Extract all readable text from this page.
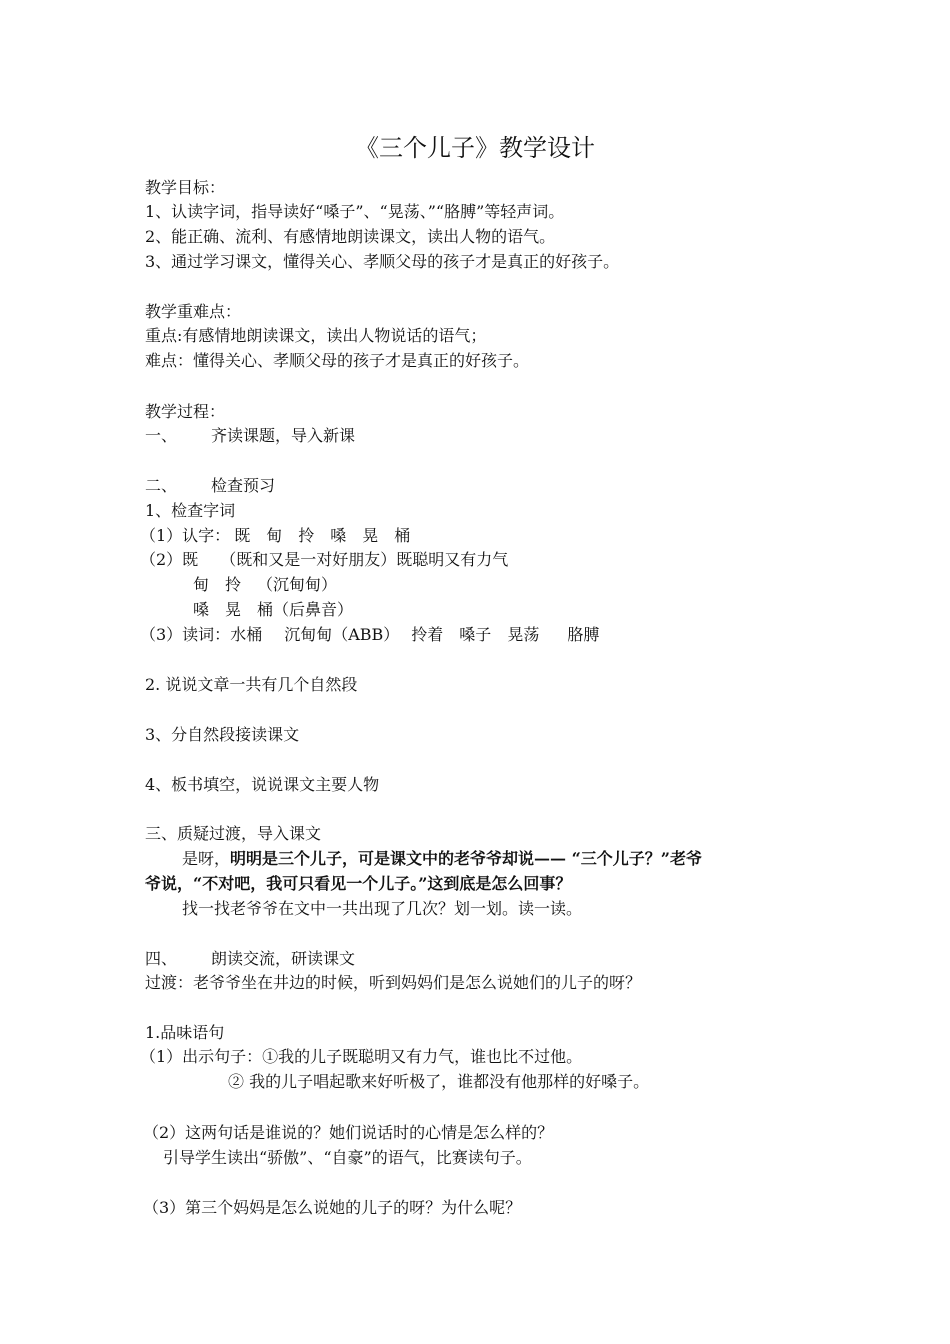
《三个儿子》教学设计
教学目标：
1、认读字词，指导读好“嗓子”、“晃荡、”“胳膊”等轻声词。
2、能正确、流利、有感情地朗读课文，读出人物的语气。
3、通过学习课文，懂得关心、孝顺父母的孩子才是真正的好孩子。
教学重难点：
重点:有感情地朗读课文，读出人物说话的语气；
难点：懂得关心、孝顺父母的孩子才是真正的好孩子。
教学过程：
一、 齐读课题，导入新课
二、 检查预习
1、检查字词
（1）认字： 既 甸 拎 嗓 晃 桶
（2）既 （既和又是一对好朋友）既聪明又有力气
甸　拎 （沉甸甸）
嗓　晃　桶（后鼻音）
（3）读词：水桶 沉甸甸（ABB） 拎着 嗓子 晃荡 胳膊
2. 说说文章一共有几个自然段
3、分自然段接读课文
4、板书填空，说说课文主要人物
三、质疑过渡，导入课文
是呀，明明是三个儿子，可是课文中的老爷爷却说—— “三个儿子？”老爷
爷说，“不对吧，我可只看见一个儿子。”这到底是怎么回事？
找一找老爷爷在文中一共出现了几次？划一划。读一读。
四、 朗读交流，研读课文
过渡：老爷爷坐在井边的时候，听到妈妈们是怎么说她们的儿子的呀？
1.品味语句
（1）出示句子：①我的儿子既聪明又有力气，谁也比不过他。
② 我的儿子唱起歌来好听极了，谁都没有他那样的好嗓子。
（2）这两句话是谁说的？她们说话时的心情是怎么样的？
引导学生读出“骄傲”、“自豪”的语气，比赛读句子。
（3）第三个妈妈是怎么说她的儿子的呀？为什么呢？
